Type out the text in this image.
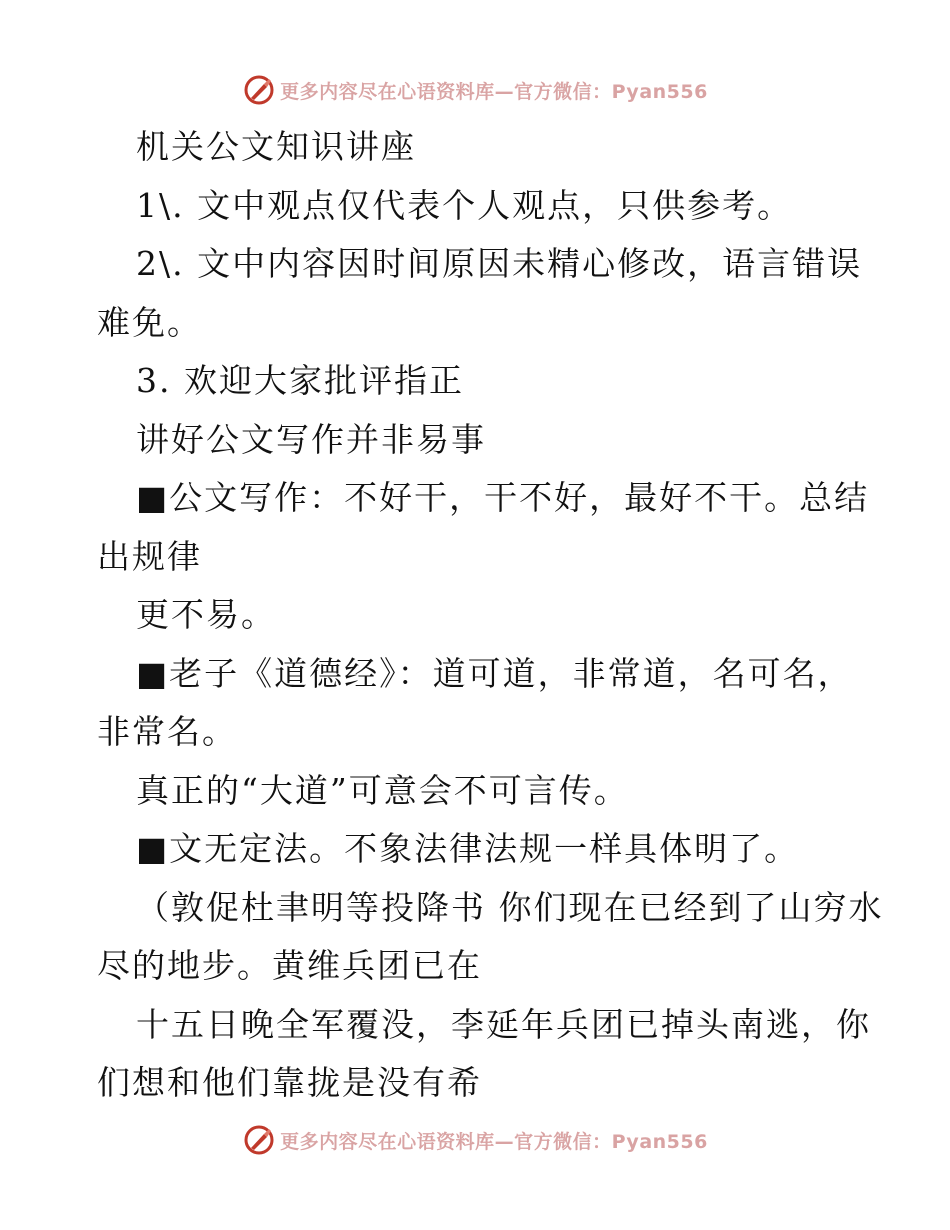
更多内容尽在心语资料库—官方微信：Pyan556
机关公文知识讲座
1\. 文中观点仅代表个人观点，只供参考。
2\. 文中内容因时间原因未精心修改，语言错误
难免。
3. 欢迎大家批评指正
讲好公文写作并非易事
■公文写作：不好干，干不好，最好不干。总结
出规律
更不易。
■老子《道德经》：道可道，非常道，名可名，
非常名。
真正的“大道”可意会不可言传。
■文无定法。不象法律法规一样具体明了。
（敦促杜聿明等投降书 你们现在已经到了山穷水
尽的地步。黄维兵团已在
十五日晚全军覆没，李延年兵团已掉头南逃，你
们想和他们靠拢是没有希
更多内容尽在心语资料库—官方微信：Pyan556
